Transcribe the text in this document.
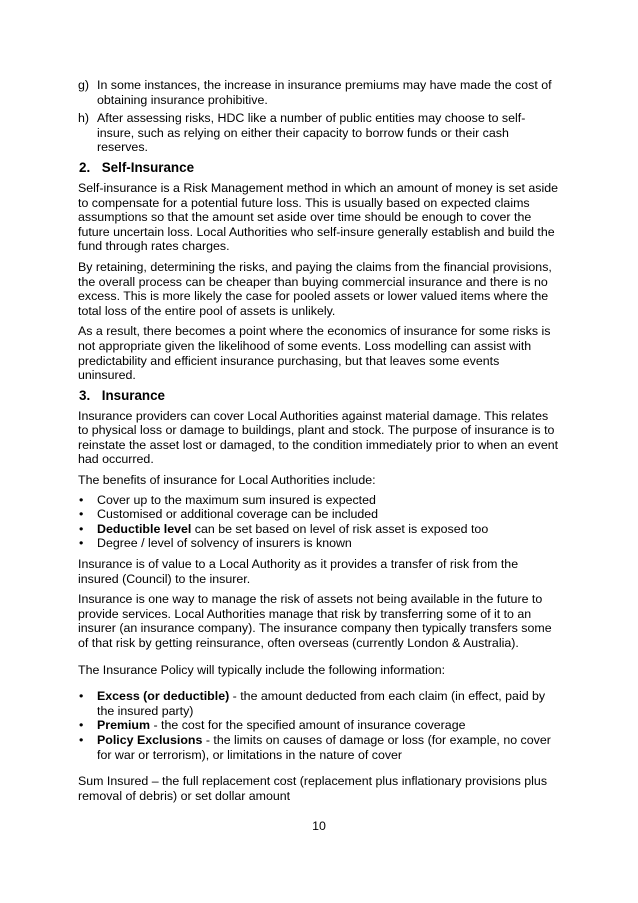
g) In some instances, the increase in insurance premiums may have made the cost of obtaining insurance prohibitive.
h) After assessing risks, HDC like a number of public entities may choose to self-insure, such as relying on either their capacity to borrow funds or their cash reserves.
2. Self-Insurance

Self-insurance is a Risk Management method in which an amount of money is set aside to compensate for a potential future loss. This is usually based on expected claims assumptions so that the amount set aside over time should be enough to cover the future uncertain loss. Local Authorities who self-insure generally establish and build the fund through rates charges.

By retaining, determining the risks, and paying the claims from the financial provisions, the overall process can be cheaper than buying commercial insurance and there is no excess. This is more likely the case for pooled assets or lower valued items where the total loss of the entire pool of assets is unlikely.

As a result, there becomes a point where the economics of insurance for some risks is not appropriate given the likelihood of some events. Loss modelling can assist with predictability and efficient insurance purchasing, but that leaves some events uninsured.

3. Insurance

Insurance providers can cover Local Authorities against material damage. This relates to physical loss or damage to buildings, plant and stock. The purpose of insurance is to reinstate the asset lost or damaged, to the condition immediately prior to when an event had occurred.

The benefits of insurance for Local Authorities include:

• Cover up to the maximum sum insured is expected
• Customised or additional coverage can be included
• Deductible level can be set based on level of risk asset is exposed too
• Degree / level of solvency of insurers is known

Insurance is of value to a Local Authority as it provides a transfer of risk from the insured (Council) to the insurer.

Insurance is one way to manage the risk of assets not being available in the future to provide services. Local Authorities manage that risk by transferring some of it to an insurer (an insurance company). The insurance company then typically transfers some of that risk by getting reinsurance, often overseas (currently London & Australia).

The Insurance Policy will typically include the following information:

• Excess (or deductible) - the amount deducted from each claim (in effect, paid by the insured party)
• Premium - the cost for the specified amount of insurance coverage
• Policy Exclusions - the limits on causes of damage or loss (for example, no cover for war or terrorism), or limitations in the nature of cover

Sum Insured – the full replacement cost (replacement plus inflationary provisions plus removal of debris) or set dollar amount

10
